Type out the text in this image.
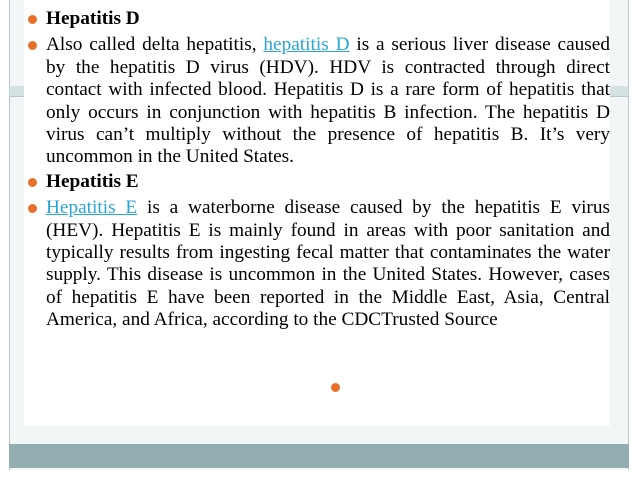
Hepatitis D
Also called delta hepatitis, hepatitis D is a serious liver disease caused by the hepatitis D virus (HDV). HDV is contracted through direct contact with infected blood. Hepatitis D is a rare form of hepatitis that only occurs in conjunction with hepatitis B infection. The hepatitis D virus can’t multiply without the presence of hepatitis B. It’s very uncommon in the United States.
Hepatitis E
Hepatitis E is a waterborne disease caused by the hepatitis E virus (HEV). Hepatitis E is mainly found in areas with poor sanitation and typically results from ingesting fecal matter that contaminates the water supply. This disease is uncommon in the United States. However, cases of hepatitis E have been reported in the Middle East, Asia, Central America, and Africa, according to the CDCTrusted Source
